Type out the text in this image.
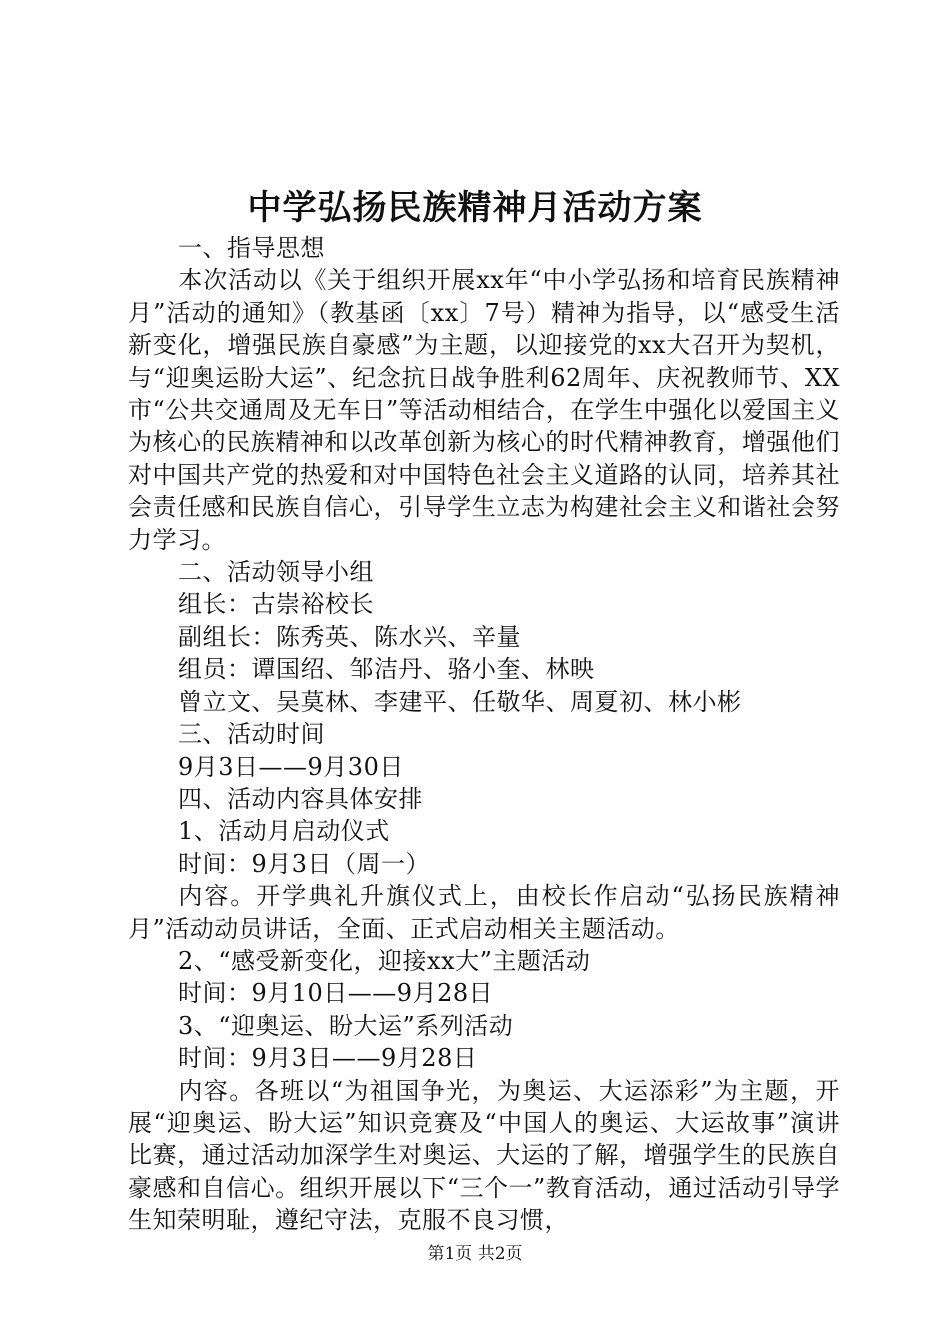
中学弘扬民族精神月活动方案

一、指导思想

本次活动以《关于组织开展xx年“中小学弘扬和培育民族精神月”活动的通知》（教基函〔xx〕7号）精神为指导，以“感受生活新变化，增强民族自豪感”为主题，以迎接党的xx大召开为契机，与“迎奥运盼大运”、纪念抗日战争胜利62周年、庆祝教师节、XX市“公共交通周及无车日”等活动相结合，在学生中强化以爱国主义为核心的民族精神和以改革创新为核心的时代精神教育，增强他们对中国共产党的热爱和对中国特色社会主义道路的认同，培养其社会责任感和民族自信心，引导学生立志为构建社会主义和谐社会努力学习。

二、活动领导小组

组长：古崇裕校长

副组长：陈秀英、陈水兴、辛量

组员：谭国绍、邹洁丹、骆小奎、林映

曾立文、吴莫林、李建平、任敬华、周夏初、林小彬

三、活动时间

9月3日——9月30日

四、活动内容具体安排

1、活动月启动仪式

时间：9月3日（周一）

内容。开学典礼升旗仪式上，由校长作启动“弘扬民族精神月”活动动员讲话，全面、正式启动相关主题活动。

2、“感受新变化，迎接xx大”主题活动

时间：9月10日——9月28日

3、“迎奥运、盼大运”系列活动

时间：9月3日——9月28日

内容。各班以“为祖国争光，为奥运、大运添彩”为主题，开展“迎奥运、盼大运”知识竞赛及“中国人的奥运、大运故事”演讲比赛，通过活动加深学生对奥运、大运的了解，增强学生的民族自豪感和自信心。组织开展以下“三个一”教育活动，通过活动引导学生知荣明耻，遵纪守法，克服不良习惯，

第1页 共2页
